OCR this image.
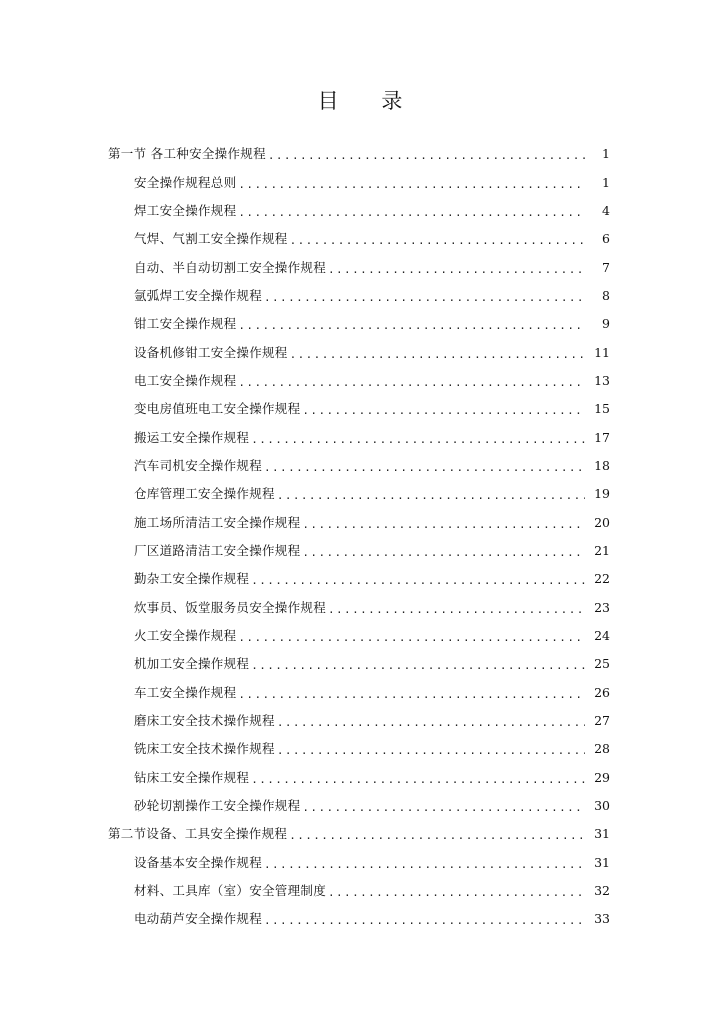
目 录
第一节 各工种安全操作规程 .....	1
安全操作规程总则 .....	1
焊工安全操作规程 .....	4
气焊、气割工安全操作规程 .....	6
自动、半自动切割工安全操作规程 .....	7
氩弧焊工安全操作规程 .....	8
钳工安全操作规程 .....	9
设备机修钳工安全操作规程 .....	11
电工安全操作规程 .....	13
变电房值班电工安全操作规程 .....	15
搬运工安全操作规程 .....	17
汽车司机安全操作规程 .....	18
仓库管理工安全操作规程 .....	19
施工场所清洁工安全操作规程 .....	20
厂区道路清洁工安全操作规程 .....	21
勤杂工安全操作规程 .....	22
炊事员、饭堂服务员安全操作规程 .....	23
火工安全操作规程 .....	24
机加工安全操作规程 .....	25
车工安全操作规程 .....	26
磨床工安全技术操作规程 .....	27
铣床工安全技术操作规程 .....	28
钻床工安全操作规程 .....	29
砂轮切割操作工安全操作规程 .....	30
第二节设备、工具安全操作规程 .....	31
设备基本安全操作规程 .....	31
材料、工具库（室）安全管理制度 .....	32
电动葫芦安全操作规程 .....	33
